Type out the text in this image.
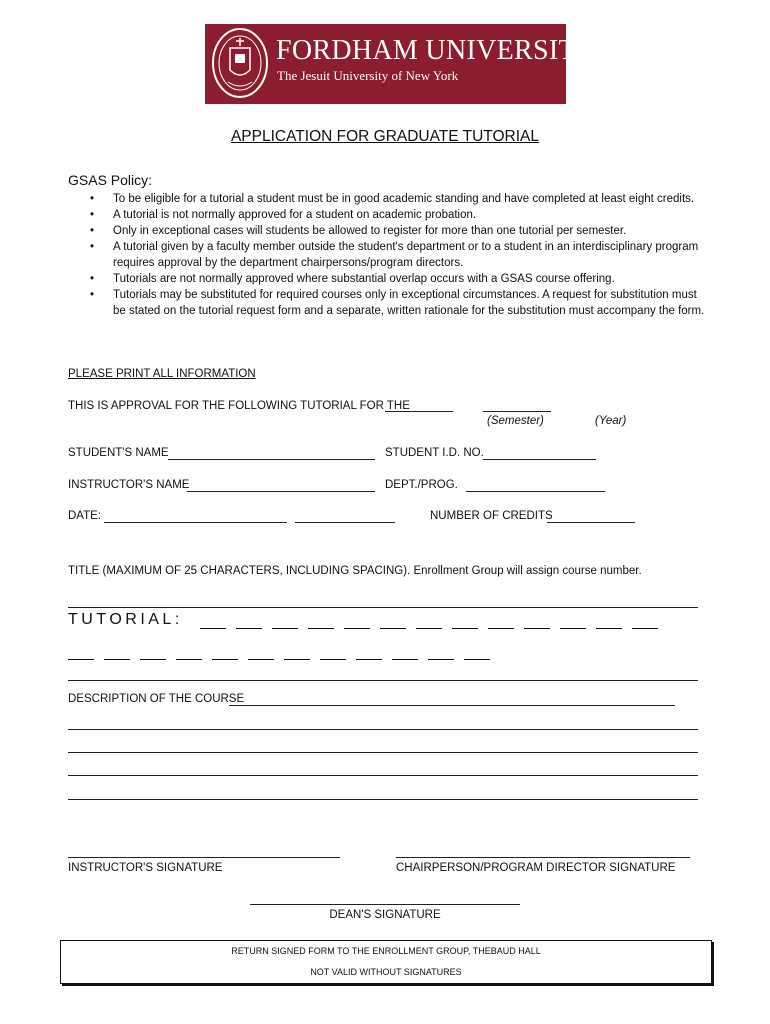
FORDHAM UNIVERSITY
The Jesuit University of New York
APPLICATION FOR GRADUATE TUTORIAL
GSAS Policy:
• To be eligible for a tutorial a student must be in good academic standing and have completed at least eight credits.
• A tutorial is not normally approved for a student on academic probation.
• Only in exceptional cases will students be allowed to register for more than one tutorial per semester.
• A tutorial given by a faculty member outside the student's department or to a student in an interdisciplinary program requires approval by the department chairpersons/program directors.
• Tutorials are not normally approved where substantial overlap occurs with a GSAS course offering.
• Tutorials may be substituted for required courses only in exceptional circumstances. A request for substitution must be stated on the tutorial request form and a separate, written rationale for the substitution must accompany the form.
PLEASE PRINT ALL INFORMATION
THIS IS APPROVAL FOR THE FOLLOWING TUTORIAL FOR THE
(Semester)	(Year)
STUDENT'S NAME	STUDENT I.D. NO.
INSTRUCTOR'S NAME	DEPT./PROG.
DATE:	NUMBER OF CREDITS
TITLE (MAXIMUM OF 25 CHARACTERS, INCLUDING SPACING). Enrollment Group will assign course number.
TUTORIAL:
DESCRIPTION OF THE COURSE
INSTRUCTOR'S SIGNATURE	CHAIRPERSON/PROGRAM DIRECTOR SIGNATURE
DEAN'S SIGNATURE
RETURN SIGNED FORM TO THE ENROLLMENT GROUP, THEBAUD HALL
NOT VALID WITHOUT SIGNATURES
